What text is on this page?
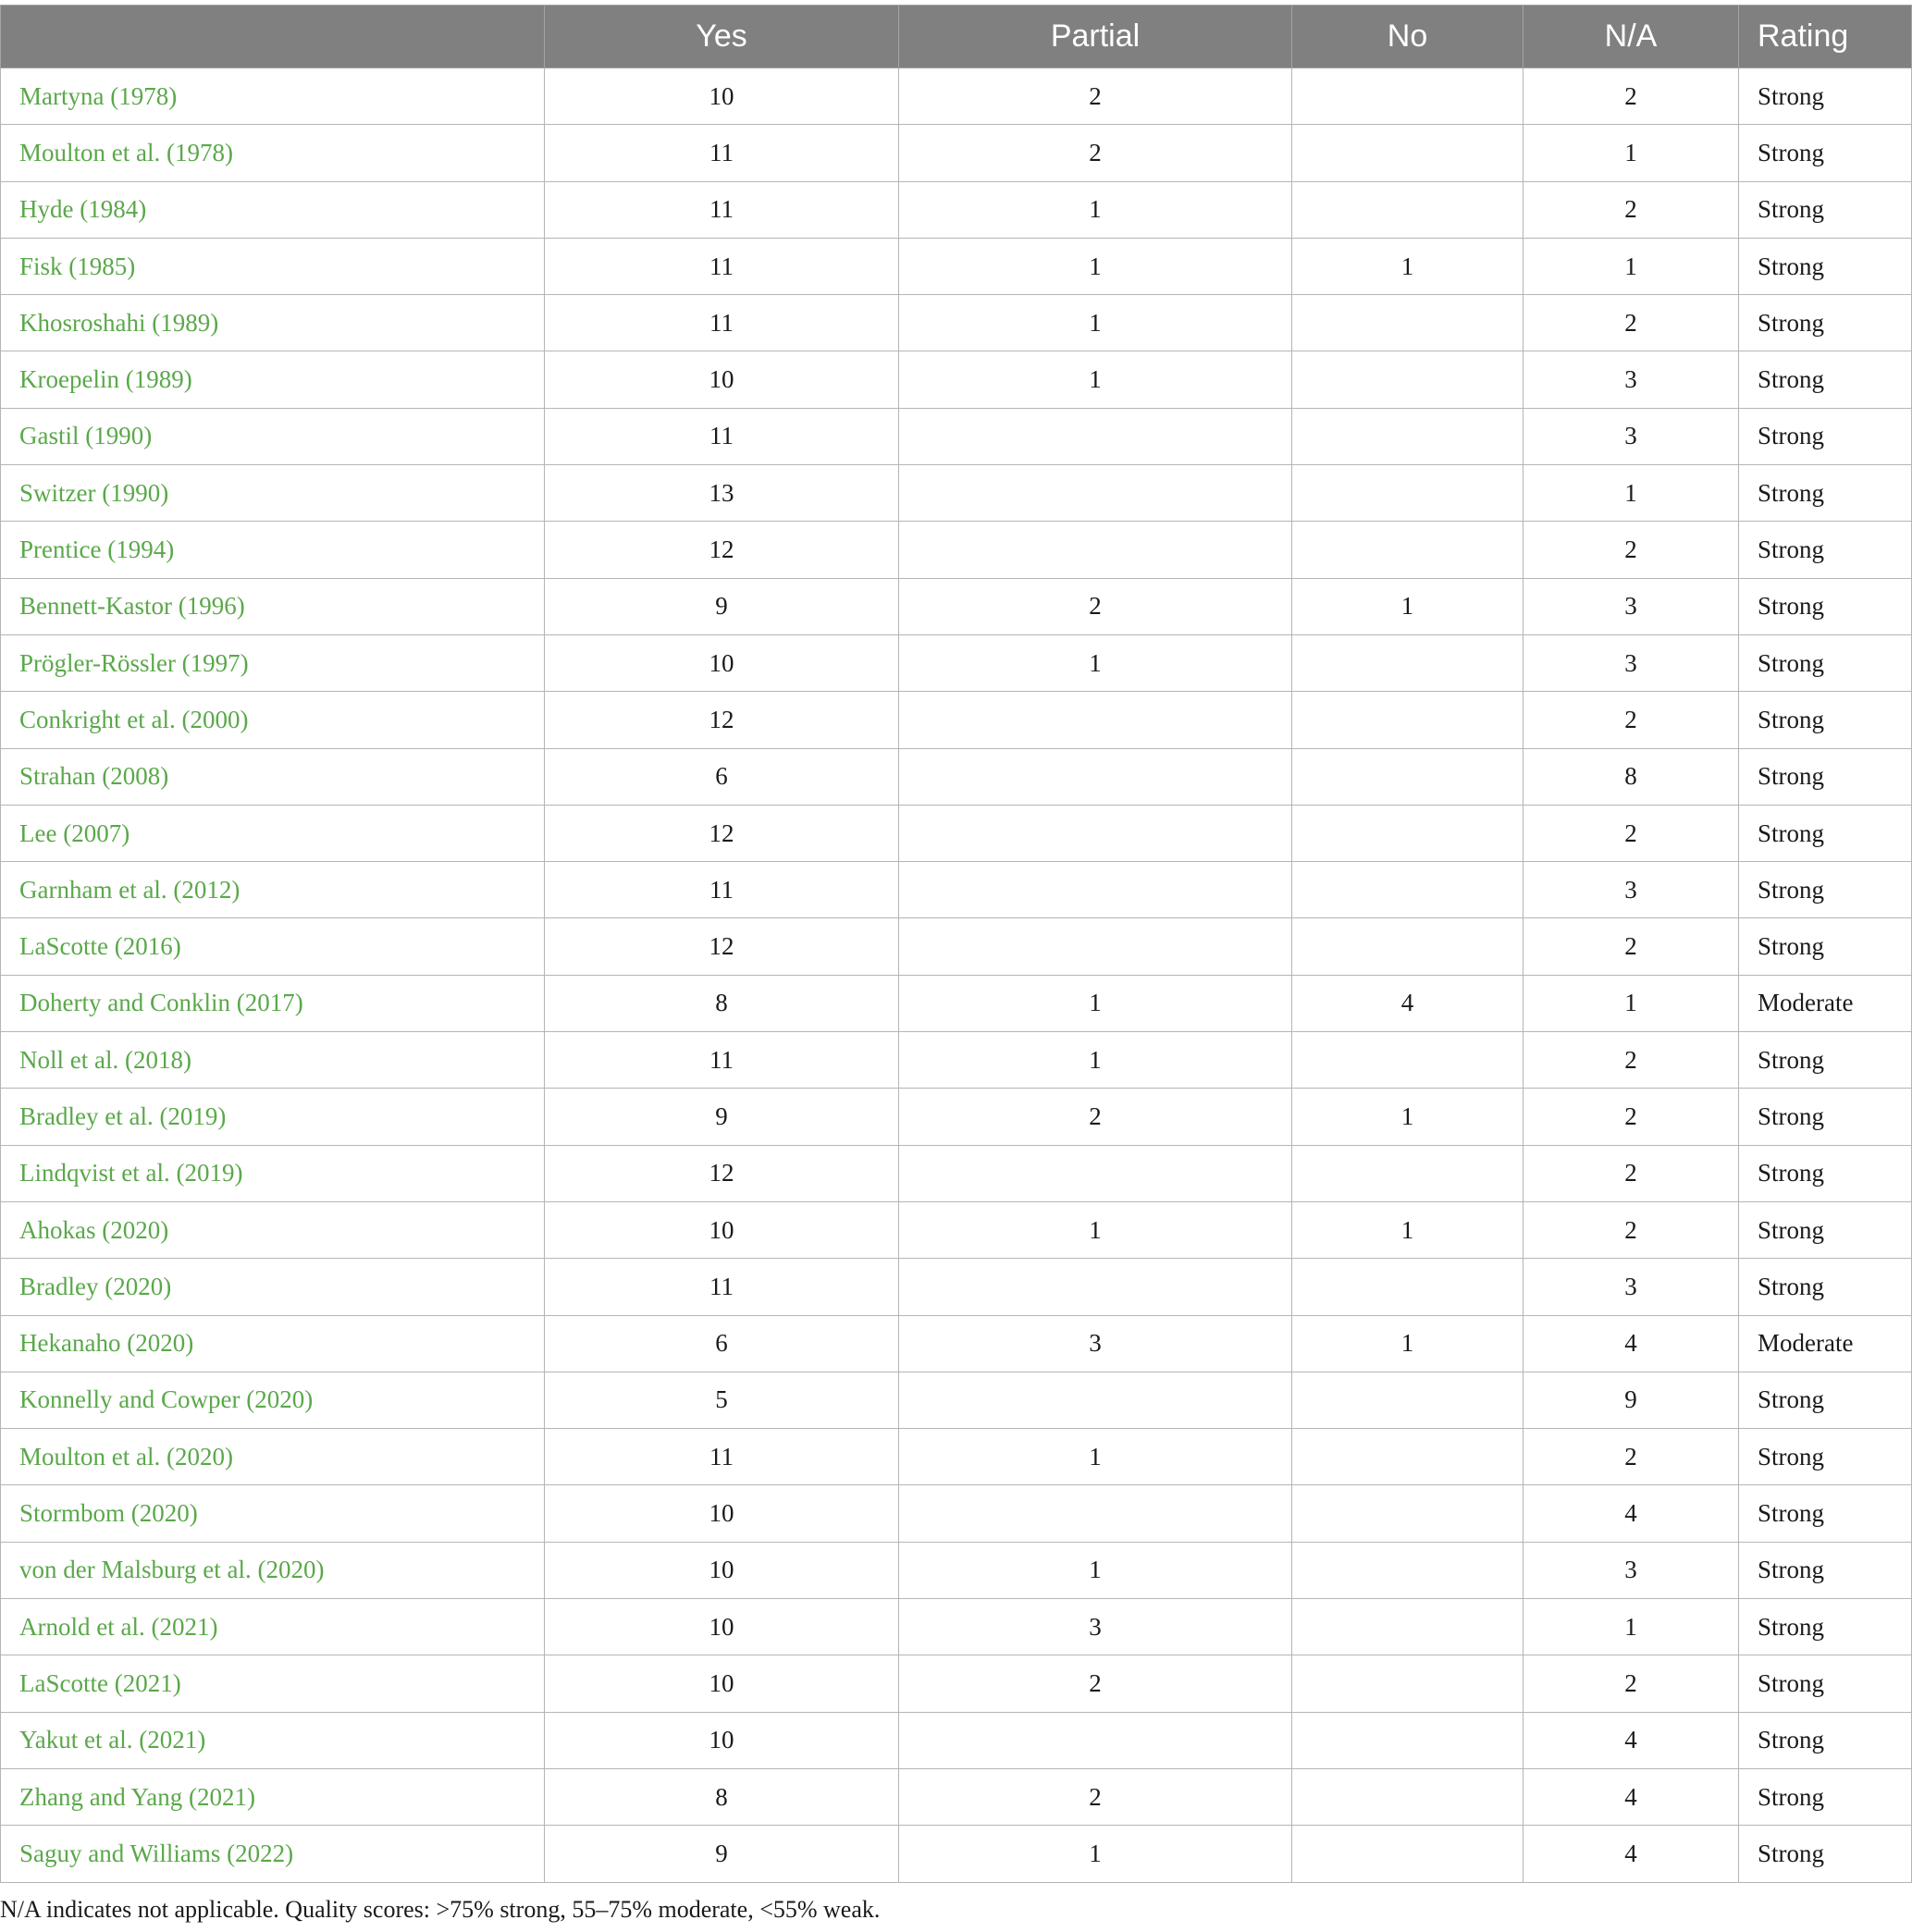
	Yes	Partial	No	N/A	Rating
Martyna (1978)	10	2		2	Strong
Moulton et al. (1978)	11	2		1	Strong
Hyde (1984)	11	1		2	Strong
Fisk (1985)	11	1	1	1	Strong
Khosroshahi (1989)	11	1		2	Strong
Kroepelin (1989)	10	1		3	Strong
Gastil (1990)	11			3	Strong
Switzer (1990)	13			1	Strong
Prentice (1994)	12			2	Strong
Bennett-Kastor (1996)	9	2	1	3	Strong
Prögler-Rössler (1997)	10	1		3	Strong
Conkright et al. (2000)	12			2	Strong
Strahan (2008)	6			8	Strong
Lee (2007)	12			2	Strong
Garnham et al. (2012)	11			3	Strong
LaScotte (2016)	12			2	Strong
Doherty and Conklin (2017)	8	1	4	1	Moderate
Noll et al. (2018)	11	1		2	Strong
Bradley et al. (2019)	9	2	1	2	Strong
Lindqvist et al. (2019)	12			2	Strong
Ahokas (2020)	10	1	1	2	Strong
Bradley (2020)	11			3	Strong
Hekanaho (2020)	6	3	1	4	Moderate
Konnelly and Cowper (2020)	5			9	Strong
Moulton et al. (2020)	11	1		2	Strong
Stormbom (2020)	10			4	Strong
von der Malsburg et al. (2020)	10	1		3	Strong
Arnold et al. (2021)	10	3		1	Strong
LaScotte (2021)	10	2		2	Strong
Yakut et al. (2021)	10			4	Strong
Zhang and Yang (2021)	8	2		4	Strong
Saguy and Williams (2022)	9	1		4	Strong
N/A indicates not applicable. Quality scores: >75% strong, 55–75% moderate, <55% weak.
